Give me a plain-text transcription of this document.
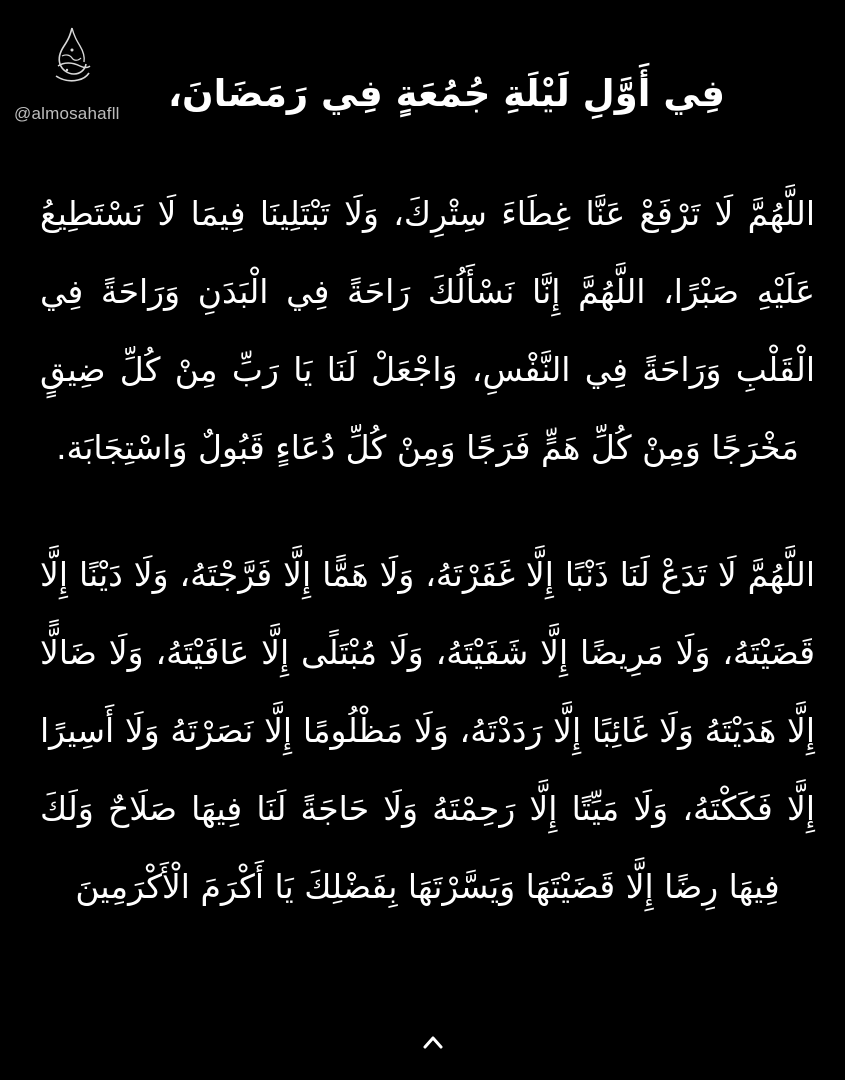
@almosahafll فِي أَوَّلِ لَيْلَةِ جُمُعَةٍ فِي رَمَضَانَ،
اللَّهُمَّ لَا تَرْفَعْ عَنَّا غِطَاءَ سِتْرِكَ، وَلَا تَبْتَلِينَا فِيمَا لَا نَسْتَطِيعُ عَلَيْهِ صَبْرًا، اللَّهُمَّ إِنَّا نَسْأَلُكَ رَاحَةً فِي الْبَدَنِ وَرَاحَةً فِي الْقَلْبِ وَرَاحَةً فِي النَّفْسِ، وَاجْعَلْ لَنَا يَا رَبِّ مِنْ كُلِّ ضِيقٍ مَخْرَجًا وَمِنْ كُلِّ هَمٍّ فَرَجًا وَمِنْ كُلِّ دُعَاءٍ قَبُولٌ وَاسْتِجَابَة.
اللَّهُمَّ لَا تَدَعْ لَنَا ذَنْبًا إِلَّا غَفَرْتَهُ، وَلَا هَمًّا إِلَّا فَرَّجْتَهُ، وَلَا دَيْنًا إِلَّا قَضَيْتَهُ، وَلَا مَرِيضًا إِلَّا شَفَيْتَهُ، وَلَا مُبْتَلًى إِلَّا عَافَيْتَهُ، وَلَا ضَالًّا إِلَّا هَدَيْتَهُ وَلَا غَائِبًا إِلَّا رَدَدْتَهُ، وَلَا مَظْلُومًا إِلَّا نَصَرْتَهُ وَلَا أَسِيرًا إِلَّا فَكَكْتَهُ، وَلَا مَيِّتًا إِلَّا رَحِمْتَهُ وَلَا حَاجَةً لَنَا فِيهَا صَلَاحٌ وَلَكَ فِيهَا رِضًا إِلَّا قَضَيْتَهَا وَيَسَّرْتَهَا بِفَضْلِكَ يَا أَكْرَمَ الْأَكْرَمِينَ
